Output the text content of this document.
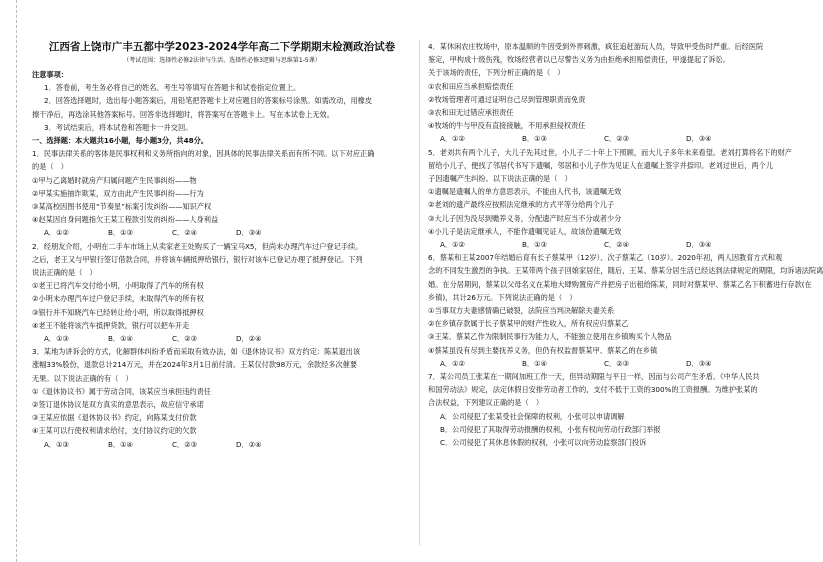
江西省上饶市广丰五都中学2023-2024学年高二下学期期末检测政治试卷

（考试范围：选择性必修2法律与生活、选择性必修3逻辑与思维第1-5课）

注意事项：

1．答卷前，考生务必将自己的姓名、考生号等填写在答题卡和试卷指定位置上。

2．回答选择题时，选出每小题答案后，用铅笔把答题卡上对应题目的答案标号涂黑。如需改动，用橡皮

擦干净后，再选涂其他答案标号。回答非选择题时，将答案写在答题卡上。写在本试卷上无效。

3．考试结束后，将本试卷和答题卡一并交回。

一、选择题：本大题共16小题，每小题3分，共48分。

1．民事法律关系的客体是民事权利和义务所指向的对象，因具体的民事法律关系而有所不同。以下对应正确

的是（　）

①甲与乙离婚时就房产归属问题产生民事纠纷——物

②甲某实施抽诈欺某，双方由此产生民事纠纷——行为

③某高校因图书使用“节奏星”标案引发纠纷——知识产权

④赵某因自身问题指欠王某工程款引发的纠纷——人身利益

A．①②	B．①③	C．②④	D．③④

2．经朋友介绍，小明在二手车市场上从卖家老王处购买了一辆宝马X5，但尚未办理汽车过户登记手续。

之后，老王又与甲银行签订借款合同，并将该车辆抵押给银行，银行对该车已登记办理了抵押登记。下列

说法正确的是（　）

①老王已将汽车交付给小明，小明取得了汽车的所有权

②小明未办理汽车过户登记手续，未取得汽车的所有权

③银行并不知晓汽车已经转让给小明，所以取得抵押权

④老王不能将该汽车抵押贷款，银行可以把车开走

A．①③	B．①④	C．②③	D．②④

3．某地为讲诉会的方式，化解群体纠纷矛盾而采取有效办法，如《退休协议书》双方约定：陈某退出该

涨幅33%股份，退款总计214万元，并在2024年3月1日前付清。王某仅付款98万元，余款经多次催要

无果。以下说法正确的有（　）

①《退休协议书》属于劳动合同，该某应当承担违约责任

②签订退休协议是双方真实的意思表示，故应信守承诺

③王某应依据《退休协议书》约定，向陈某支付价款

④王某可以行使权利请求给付，支付协议约定的欠款

A．①③	B．①④	C．②③	D．②④

4．某休闲农庄牧场中，原本温顺的牛因受到外界刺激，疯狂追赶游玩人员，导致甲受伤时严重。后经医院

鉴定，甲构成十级伤残，牧场经营者以已尽警告义务为由拒绝承担赔偿责任，甲遂提起了诉讼。

关于该场的责任，下列分析正确的是（　）

①农和田应当承担赔偿责任

②牧场管理者可通过证明自己尽到管理职责而免责

③农和田无过错应承担责任

④牧场的牛与甲没有直接接触，不用承担侵权责任

A．①②	B．①③	C．②③	D．③④

5．老刘共有两个儿子，大儿子先其过世，小儿子二十年上下照顾，而大儿子多年未来看望。老刘打算将名下的财产

留给小儿子，便找了邻居代书写下遗嘱，邻居和小儿子作为见证人在遗嘱上签字并捺印。老刘过世后，两个儿

子因遗嘱产生纠纷。以下说法正确的是（　）

①遗嘱是遗嘱人的单方意思表示，不能由人代书，该遗嘱无效

②老刘的遗产最终应按照法定继承的方式平等分给两个儿子

③大儿子因为没尽到赡养义务，分配遗产时应当不分或者少分

④小儿子是法定继承人，不能作遗嘱见证人，故该份遗嘱无效

A．①②	B．①③	C．②④	D．③④

6．蔡某和王某2007年结婚后育有长子蔡某甲（12岁）、次子蔡某乙（10岁）。2020年初，两人因教育方式和观

念的不同发生激烈的争执。王某带两个孩子回娘家居住，随后，王某、蔡某分居生活已经达到法律规定的期限，均诉诸法院离

婚。在分居期间，蔡某以父母名义在某地大肆购置房产并把房子出租给陈某，同时对蔡某甲、蔡某乙名下积蓄进行存款(在

乡镇)，共计26万元。下列说法正确的是（　）

①当事双方夫妻感情确已破裂，法院应当判决解除夫妻关系

②在乡镇存款属于长子蔡某甲的财产性收入，所有权应归蔡某乙

③王某、蔡某乙作为限制民事行为能力人，不能独立使用在乡镇购买个人物品

④蔡某虽没有尽到主要抚养义务，但仍有权监督蔡某甲、蔡某乙的在乡镇

A．①②	B．①④	C．②③	D．③④

7．某公司员工张某在一期间加班工作一天，但异动期限与平日一样，因而与公司产生矛盾。《中华人民共

和国劳动法》规定，法定休假日安排劳动者工作的，支付不低于工资的300%的工资报酬。为维护张某的

合法权益，下列建议正确的是（　）

A．公司侵犯了张某受社会保障的权利，小张可以申请调解

B．公司侵犯了其取得劳动报酬的权利，小张有权向劳动行政部门举报

C．公司侵犯了其休息休假的权利，小张可以向劳动监察部门投诉
